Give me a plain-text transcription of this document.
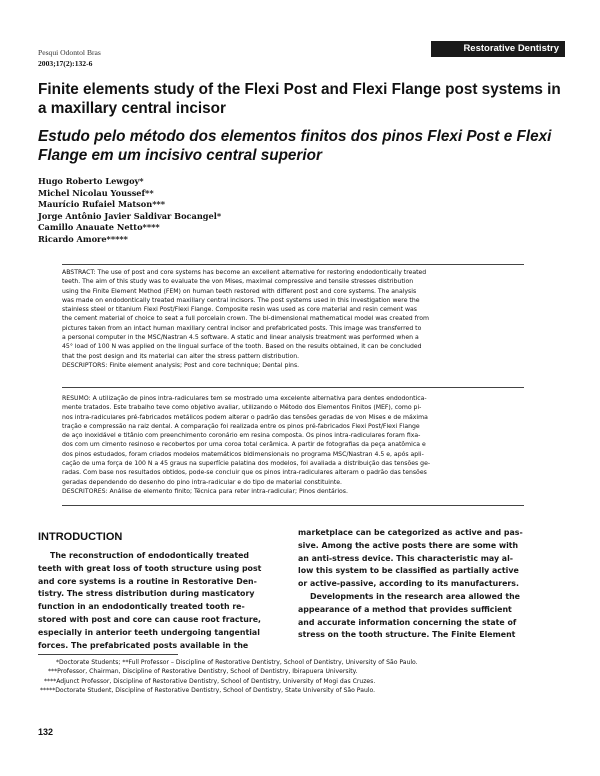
Pesqui Odontol Bras
2003;17(2):132-6
Restorative Dentistry
Finite elements study of the Flexi Post and Flexi Flange post systems in a maxillary central incisor
Estudo pelo método dos elementos finitos dos pinos Flexi Post e Flexi Flange em um incisivo central superior
Hugo Roberto Lewgoy*
Michel Nicolau Youssef**
Maurício Rufaiel Matson***
Jorge Antônio Javier Saldivar Bocangel*
Camillo Anauate Netto****
Ricardo Amore*****

ABSTRACT: The use of post and core systems has become an excellent alternative for restoring endodontically treated

teeth. The aim of this study was to evaluate the von Mises, maximal compressive and tensile stresses distribution

using the Finite Element Method (FEM) on human teeth restored with different post and core systems. The analysis

was made on endodontically treated maxillary central incisors. The post systems used in this investigation were the

stainless steel or titanium Flexi Post/Flexi Flange. Composite resin was used as core material and resin cement was

the cement material of choice to seat a full porcelain crown. The bi-dimensional mathematical model was created from

pictures taken from an intact human maxillary central incisor and prefabricated posts. This image was transferred to

a personal computer in the MSC/Nastran 4.5 software. A static and linear analysis treatment was performed when a

45° load of 100 N was applied on the lingual surface of the tooth. Based on the results obtained, it can be concluded

that the post design and its material can alter the stress pattern distribution.

DESCRIPTORS: Finite element analysis; Post and core technique; Dental pins.

RESUMO: A utilização de pinos intra-radiculares tem se mostrado uma excelente alternativa para dentes endodontica-

mente tratados. Este trabalho teve como objetivo avaliar, utilizando o Método dos Elementos Finitos (MEF), como pi-

nos intra-radiculares pré-fabricados metálicos podem alterar o padrão das tensões geradas de von Mises e de máxima

tração e compressão na raiz dental. A comparação foi realizada entre os pinos pré-fabricados Flexi Post/Flexi Flange

de aço inoxidável e titânio com preenchimento coronário em resina composta. Os pinos intra-radiculares foram fixa-

dos com um cimento resinoso e recobertos por uma coroa total cerâmica. A partir de fotografias da peça anatômica e

dos pinos estudados, foram criados modelos matemáticos bidimensionais no programa MSC/Nastran 4.5 e, após apli-

cação de uma força de 100 N a 45 graus na superfície palatina dos modelos, foi avaliada a distribuição das tensões ge-

radas. Com base nos resultados obtidos, pode-se concluir que os pinos intra-radiculares alteram o padrão das tensões

geradas dependendo do desenho do pino intra-radicular e do tipo de material constituinte.

DESCRITORES: Análise de elemento finito; Técnica para reter intra-radicular; Pinos dentários.

INTRODUCTION

The reconstruction of endodontically treated

teeth with great loss of tooth structure using post

and core systems is a routine in Restorative Den-

tistry. The stress distribution during masticatory

function in an endodontically treated tooth re-

stored with post and core can cause root fracture,

especially in anterior teeth undergoing tangential

forces. The prefabricated posts available in the

marketplace can be categorized as active and pas-

sive. Among the active posts there are some with

an anti-stress device. This characteristic may al-

low this system to be classified as partially active

or active-passive, according to its manufacturers.

Developments in the research area allowed the

appearance of a method that provides sufficient

and accurate information concerning the state of

stress on the tooth structure. The Finite Element

*Doctorate Students; **Full Professor – Discipline of Restorative Dentistry, School of Dentistry, University of São Paulo.
***Professor, Chairman, Discipline of Restorative Dentistry, School of Dentistry, Ibirapuera University.
****Adjunct Professor, Discipline of Restorative Dentistry, School of Dentistry, University of Mogi das Cruzes.
*****Doctorate Student, Discipline of Restorative Dentistry, School of Dentistry, State University of São Paulo.
132
